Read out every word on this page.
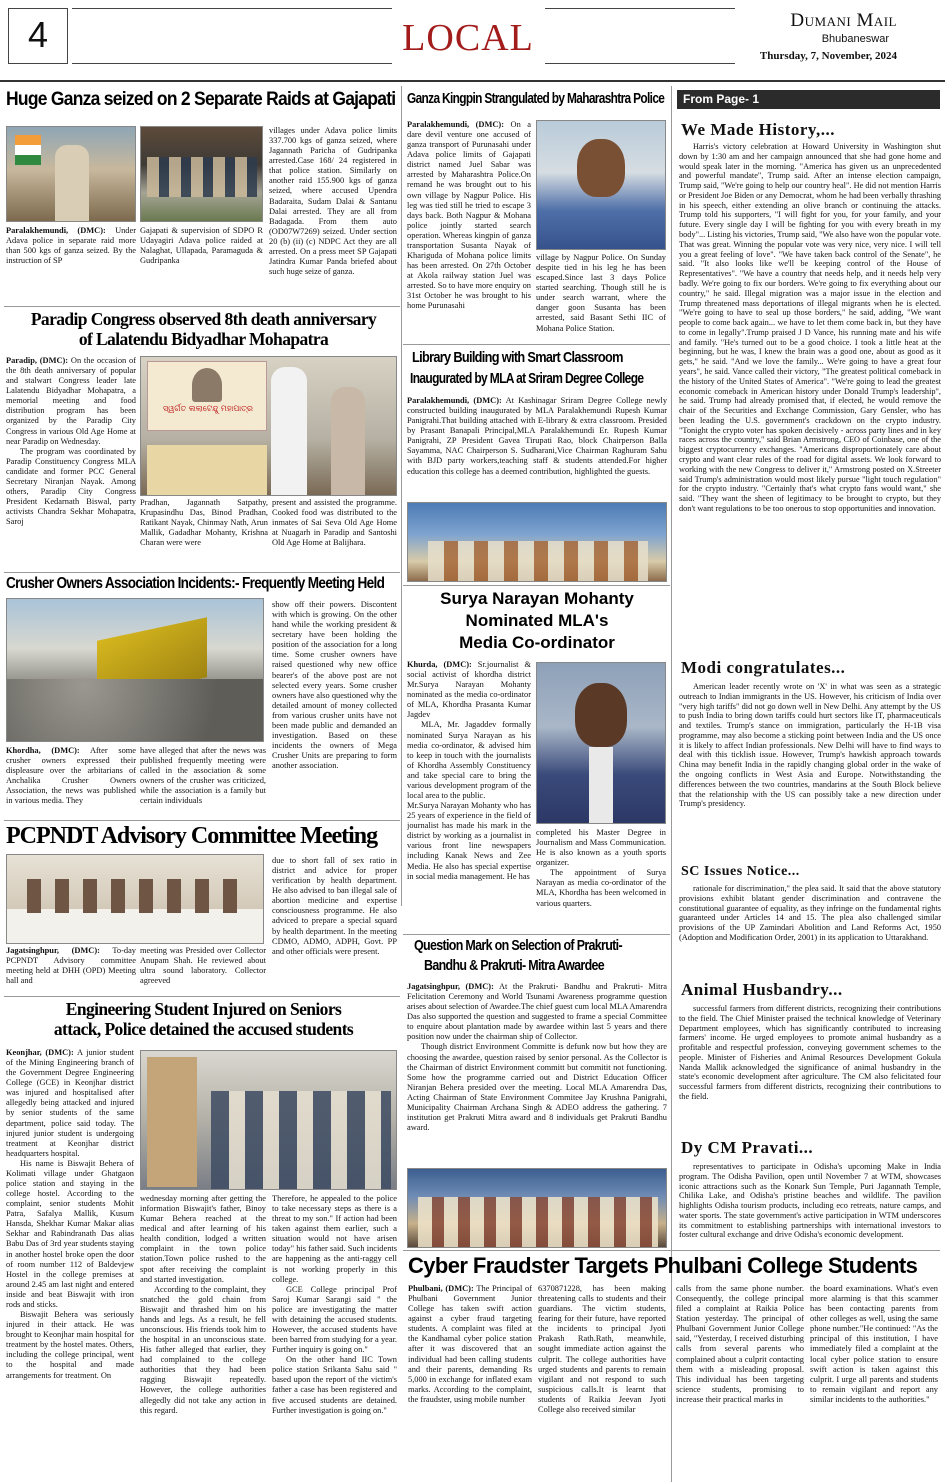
4	LOCAL	Dumani Mail
Bhubaneswar
Thursday, 7, November, 2024
Huge Ganza seized on 2 Separate Raids at Gajapati
Paralakhemundi, (DMC): Under Adava police in separate raid more than 500 kgs of ganza seized. By the instruction of SP
Gajapati & supervision of SDPO R Udayagiri Adava police raided at Nalaghat, Ullapada, Paramaguda & Gudripanka
villages under Adava police limits 337.700 kgs of ganza seized, where Jagannath Paricha of Gudripanka arrested.Case 168/ 24 registered in that police station. Similarly on another raid 155.900 kgs of ganza seized, where accused Upendra Badaraita, Sudam Dalai & Santanu Dalai arrested. They are all from Badagada. From them auto (OD07W7269) seized. Under section 20 (b) (ii) (c) NDPC Act they are all arrested. On a press meet SP Gajapati Jatindra Kumar Panda briefed about such huge seize of ganza.
Paradip Congress observed 8th death anniversary
of Lalatendu Bidyadhar Mohapatra
Paradip, (DMC): On the occasion of the 8th death anniversary of popular and stalwart Congress leader late Lalatendu Bidyadhar Mohapatra, a memorial meeting and food distribution program has been organized by the Paradip City Congress in various Old Age Home at near Paradip on Wednesday.

The program was coordinated by Paradip Constituency Congress MLA candidate and former PCC General Secretary Niranjan Nayak. Among others, Paradip City Congress President Kedarnath Biswal, party activists Chandra Sekhar Mohapatra, Saroj
ସ୍ୱର୍ଗତ ଲଲାଟେନ୍ଦୁ ମହାପାତ୍ର
Pradhan, Jagannath Satpathy, Krupasindhu Das, Binod Pradhan, Ratikant Nayak, Chinmay Nath, Arun Mallik, Gadadhar Mohanty, Krishna Charan were were
present and assisted the programme. Cooked food was distributed to the inmates of Sai Seva Old Age Home at Nuagarh in Paradip and Santoshi Old Age Home at Balijhara.
Crusher Owners Association Incidents:- Frequently Meeting Held
Khordha, (DMC): After some crusher owners expressed their displeasure over the arbitarians of Anchalika Crusher Owners Association, the news was published in various media. They
have alleged that after the news was published frequently meeting were called in the association & some owners of the crusher was criticized, while the association is a family but certain individuals
show off their powers. Discontent with which is growing. On the other hand while the working president & secretary have been holding the position of the association for a long time. Some crusher owners have raised questioned why new office bearer's of the above post are not selected every years. Some crusher owners have also questioned why the detailed amount of money collected from various crusher units have not been made public and demanded an investigation. Based on these incidents the owners of Mega Crusher Units are preparing to form another association.
PCPNDT Advisory Committee Meeting
Jagatsinghpur, (DMC): To-day PCPNDT Advisory committee meeting held at DHH (OPD) Meeting hall and
meeting was Presided over Collector Anupam Shah. He reviewed about ultra sound laboratory. Collector agreeved
due to short fall of sex ratio in district and advice for proper verification by health department. He also advised to ban illegal sale of abortion medicine and expertise consciousness programme. He also adviced to prepare a special squard by health department. In the meeting CDMO, ADMO, ADPH, Govt. PP and other officials were present.
Engineering Student Injured on Seniors
attack, Police detained the accused students
Keonjhar, (DMC): A junior student of the Mining Engineering branch of the Government Degree Engineering College (GCE) in Keonjhar district was injured and hospitalised after allegedly being attacked and injured by senior students of the same department, police said today. The injured junior student is undergoing treatment at Keonjhar district headquarters hospital.
His name is Biswajit Behera of Kolimati village under Ghatgaon police station and staying in the college hostel. According to the complaint, senior students Mohit Patra, Safalya Mallik, Kusum Hansda, Shekhar Kumar Makar alias Sekhar and Rabindranath Das alias Babu Das of 3rd year students staying in another hostel broke open the door of room number 112 of Baldevjew Hostel in the college premises at around 2.45 am last night and entered inside and beat Biswajit with iron rods and sticks.
Biswajit Behera was seriously injured in their attack. He was brought to Keonjhar main hospital for treatment by the hostel mates. Others, including the college principal, went to the hospital and made arrangements for treatment. On
wednesday morning after getting the information Biswajit's father, Binoy Kumar Behera reached at the medical and after learning of his health condition, lodged a written complaint in the town police station.Town police rushed to the spot after receiving the complaint and started investigation.
According to the complaint, they snatched the gold chain from Biswajit and thrashed him on his hands and legs. As a result, he fell unconscious. His friends took him to the hospital in an unconscious state. His father alleged that earlier, they had complained to the college authorities that they had been ragging Biswajit repeatedly. However, the college authorities allegedly did not take any action in this regard.
Therefore, he appealed to the police to take necessary steps as there is a threat to my son." If action had been taken against them earlier, such a situation would not have arisen today" his father said. Such incidents are happening as the anti-raggy cell is not working properly in this college.
GCE College principal Prof Saroj Kumar Sarangi said " the police are investigating the matter with detaining the accused students. However, the accused students have been barred from studying for a year. Further inquiry is going on."
On the other hand IIC Town police station Srikanta Sahu said " based upon the report of the victim's father a case has been registered and five accused students are detained. Further investigation is going on."
Ganza Kingpin Strangulated by Maharashtra Police
Paralakhemundi, (DMC): On a dare devil venture one accused of ganza transport of Purunasahi under Adava police limits of Gajapati district named Juel Sabar was arrested by Maharashtra Police.On remand he was brought out to his own village by Nagpur Police. His leg was tied still he tried to escape 3 days back. Both Nagpur & Mohana police jointly started search operation. Whereas kingpin of ganza transportation Susanta Nayak of Khariguda of Mohana police limits has been arrested. On 27th October at Akola railway station Juel was arrested. So to have more enquiry on 31st October he was brought to his home Purunasahi
village by Nagpur Police. On Sunday despite tied in his leg he has been escaped.Since last 3 days Police started searching. Though still he is under search warrant, where the danger goon Susanta has been arrested, said Basant Sethi IIC of Mohana Police Station.
Library Building with Smart Classroom
Inaugurated by MLA at Sriram Degree College
Paralakhemundi, (DMC): At Kashinagar Sriram Degree College newly constructed building inaugurated by MLA Paralakhemundi Rupesh Kumar Panigrahi.That building attached with E-library & extra classroom. Presided by Prasant Banapali Principal,MLA Paralakhemundi Er. Rupesh Kumar Panigrahi, ZP President Gavea Tirupati Rao, block Chairperson Balla Sayamma, NAC Chairperson S. Sudharani,Vice Chairman Raghuram Sahu with BJD party workers,teaching staff & students attended.For higher education this college has a deemed contribution, highlighted the guests.
Surya Narayan Mohanty
Nominated MLA's
Media Co-ordinator
Khurda, (DMC): Sr.journalist & social activist of khordha district Mr.Surya Narayan Mohanty nominated as the media co-ordinator of MLA, Khordha Prasanta Kumar Jagdev
MLA, Mr. Jagaddev formally nominated Surya Narayan as his media co-ordinator, & advised him to keep in touch with the journalists of Khordha Assembly Constituency and take special care to bring the various development program of the local area to the public.
Mr.Surya Narayan Mohanty who has 25 years of experience in the field of journalist has made his mark in the district by working as a journalist in various front line newspapers including Kanak News and Zee Media. He also has special expertise in social media management. He has
completed his Master Degree in Journalism and Mass Communication. He is also known as a youth sports organizer.
The appointment of Surya Narayan as media co-ordinator of the MLA, Khordha has been welcomed in various quarters.
Question Mark on Selection of Prakruti-
Bandhu & Prakruti- Mitra Awardee
Jagatsinghpur, (DMC): At the Prakruti- Bandhu and Prakruti- Mitra Felicitation Ceremony and World Tsunami Awareness programme question arises about selection of Awardee.The chief guest cum local MLA Amarendra Das also supported the question and suggested to frame a special Committee to enquire about plantation made by awardee within last 5 years and there position now under the chairman ship of Collector.
Though district Environment Committe is defunk now but how they are choosing the awardee, question raised by senior personal. As the Collector is the Chairman of district Environment committ but commitit not functioning. Some how the programme carried out and District Education Officer Niranjan Behera presided over the meeting. Local MLA Amarendra Das, Acting Chairman of State Environment Commitee Jay Krushna Panigrahi, Municipality Chairman Archana Singh & ADEO address the gathering. 7 institution get Prakruti Mitra award and 8 individuals get Prakruti Bandhu award.
Cyber Fraudster Targets Phulbani College Students
Phulbani, (DMC): The Principal of Phulbani Government Junior College has taken swift action against a cyber fraud targeting students. A complaint was filed at the Kandhamal cyber police station after it was discovered that an individual had been calling students and their parents, demanding Rs 5,000 in exchange for inflated exam marks. According to the complaint, the fraudster, using mobile number
6370871228, has been making threatening calls to students and their guardians. The victim students, fearing for their future, have reported the incidents to principal Jyoti Prakash Rath.Rath, meanwhile, sought immediate action against the culprit. The college authorities have urged students and parents to remain vigilant and not respond to such suspicious calls.It is learnt that students of Raikia Jeevan Jyoti College also received similar
calls from the same phone number. Consequently, the college principal filed a complaint at Raikia Police Station yesterday. The principal of Phulbani Government Junior College said, "Yesterday, I received disturbing calls from several parents who complained about a culprit contacting them with a misleading proposal. This individual has been targeting science students, promising to increase their practical marks in
the board examinations. What's even more alarming is that this scammer has been contacting parents from other colleges as well, using the same phone number."He continued: "As the principal of this institution, I have immediately filed a complaint at the local cyber police station to ensure swift action is taken against this culprit. I urge all parents and students to remain vigilant and report any similar incidents to the authorities."
From Page- 1
We Made History,...
Harris's victory celebration at Howard University in Washington shut down by 1:30 am and her campaign announced that she had gone home and would speak later in the morning. "America has given us an unprecedented and powerful mandate", Trump said. After an intense election campaign, Trump said, "We're going to help our country heal". He did not mention Harris or President Joe Biden or any Democrat, whom he had been verbally thrashing in his speech, either extending an olive branch or continuing the attacks. Trump told his supporters, "I will fight for you, for your family, and your future. Every single day I will be fighting for you with every breath in my body"... Listing his victories, Trump said, "We also have won the popular vote. That was great. Winning the popular vote was very nice, very nice. I will tell you a great feeling of love". "We have taken back control of the Senate", he said. "It also looks like we'll be keeping control of the House of Representatives". "We have a country that needs help, and it needs help very badly. We're going to fix our borders. We're going to fix everything about our country," he said. Illegal migration was a major issue in the election and Trump threatened mass deportations of illegal migrants when he is elected. "We're going to have to seal up those borders," he said, adding, "We want people to come back again... we have to let them come back in, but they have to come in legally".Trump praised J D Vance, his running mate and his wife and family. "He's turned out to be a good choice. I took a little heat at the beginning, but he was, I knew the brain was a good one, about as good as it gets," he said. "And we love the family... We're going to have a great four years", he said. Vance called their victory, "The greatest political comeback in the history of the United States of America". "We're going to lead the greatest economic comeback in American history under Donald Trump's leadership", he said. Trump had already promised that, if elected, he would remove the chair of the Securities and Exchange Commission, Gary Gensler, who has been leading the U.S. government's crackdown on the crypto industry. "Tonight the crypto voter has spoken decisively - across party lines and in key races across the country," said Brian Armstrong, CEO of Coinbase, one of the biggest cryptocurrency exchanges. "Americans disproportionately care about crypto and want clear rules of the road for digital assets. We look forward to working with the new Congress to deliver it," Armstrong posted on X.Streeter said Trump's administration would most likely pursue "light touch regulation" for the crypto industry. "Certainly that's what crypto fans would want," she said. "They want the sheen of legitimacy to be brought to crypto, but they don't want regulations to be too onerous to stop opportunities and innovation.
Modi congratulates...
American leader recently wrote on 'X' in what was seen as a strategic outreach to Indian immigrants in the US. However, his criticism of India over "very high tariffs" did not go down well in New Delhi. Any attempt by the US to push India to bring down tariffs could hurt sectors like IT, pharmaceuticals and textiles. Trump's stance on immigration, particularly the H-1B visa programme, may also become a sticking point between India and the US once it is likely to affect Indian professionals. New Delhi will have to find ways to deal with this ticklish issue. However, Trump's hawkish approach towards China may benefit India in the rapidly changing global order in the wake of the ongoing conflicts in West Asia and Europe. Notwithstanding the differences between the two countries, mandarins at the South Block believe that the relationship with the US can possibly take a new direction under Trump's presidency.
SC Issues Notice...
rationale for discrimination," the plea said. It said that the above statutory provisions exhibit blatant gender discrimination and contravene the constitutional guarantee of equality, as they infringe on the fundamental rights guaranteed under Articles 14 and 15. The plea also challenged similar provisions of the UP Zamindari Abolition and Land Reforms Act, 1950 (Adoption and Modification Order, 2001) in its application to Uttarakhand.
Animal Husbandry...
successful farmers from different districts, recognizing their contributions to the field. The Chief Minister praised the technical knowledge of Veterinary Department employees, which has significantly contributed to increasing farmers' income. He urged employees to promote animal husbandry as a profitable and respectful profession, conveying government schemes to the people. Minister of Fisheries and Animal Resources Development Gokula Nanda Mallik acknowledged the significance of animal husbandry in the state's economic development after agriculture. The CM also felicitated four successful farmers from different districts, recognizing their contributions to the field.
Dy CM Pravati...
representatives to participate in Odisha's upcoming Make in India program. The Odisha Pavilion, open until November 7 at WTM, showcases iconic attractions such as the Konark Sun Temple, Puri Jagannath Temple, Chilika Lake, and Odisha's pristine beaches and wildlife. The pavilion highlights Odisha tourism products, including eco retreats, nature camps, and water sports. The state government's active participation in WTM underscores its commitment to establishing partnerships with international investors to foster cultural exchange and drive Odisha's economic development.
